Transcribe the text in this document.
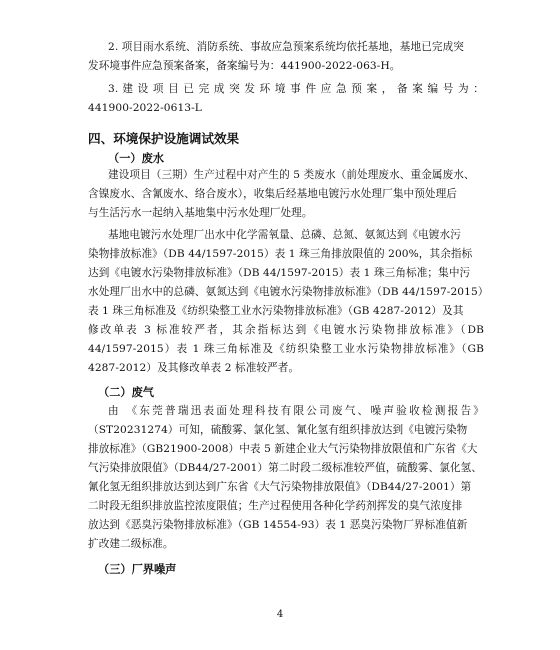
2. 项目雨水系统、消防系统、事故应急预案系统均依托基地，基地已完成突

发环境事件应急预案备案，备案编号为：441900-2022-063-H。

3. 建 设 项 目 已 完 成 突 发 环 境 事 件 应 急 预 案 ， 备 案 编 号 为 ：

441900-2022-0613-L

四、环境保护设施调试效果

（一）废水

建设项目（三期）生产过程中对产生的 5 类废水（前处理废水、重金属废水、

含镍废水、含氰废水、络合废水），收集后经基地电镀污水处理厂集中预处理后

与生活污水一起纳入基地集中污水处理厂处理。

基地电镀污水处理厂出水中化学需氧量、总磷、总氮、氨氮达到《电镀水污

染物排放标准》（DB 44/1597-2015）表 1 珠三角排放限值的 200%，其余指标

达到《电镀水污染物排放标准》（DB 44/1597-2015）表 1 珠三角标准；集中污

水处理厂出水中的总磷、氨氮达到《电镀水污染物排放标准》（DB 44/1597-2015）

表 1 珠三角标准及《纺织染整工业水污染物排放标准》（GB 4287-2012）及其

修改单表 3 标准较严者，其余指标达到《电镀水污染物排放标准》（DB

44/1597-2015）表 1 珠三角标准及《纺织染整工业水污染物排放标准》（GB

4287-2012）及其修改单表 2 标准较严者。

（二）废气

由 《东莞普瑞迅表面处理科技有限公司废气、噪声验收检测报告》

（ST20231274）可知，硫酸雾、氯化氢、氰化氢有组织排放达到《电镀污染物

排放标准》（GB21900-2008）中表 5 新建企业大气污染物排放限值和广东省《大

气污染排放限值》（DB44/27-2001）第二时段二级标准较严值，硫酸雾、氯化氢、

氰化氢无组织排放达到达到广东省《大气污染物排放限值》（DB44/27-2001）第

二时段无组织排放监控浓度限值；生产过程使用各种化学药剂挥发的臭气浓度排

放达到《恶臭污染物排放标准》（GB 14554-93）表 1 恶臭污染物厂界标准值新

扩改建二级标准。

（三）厂界噪声

4
